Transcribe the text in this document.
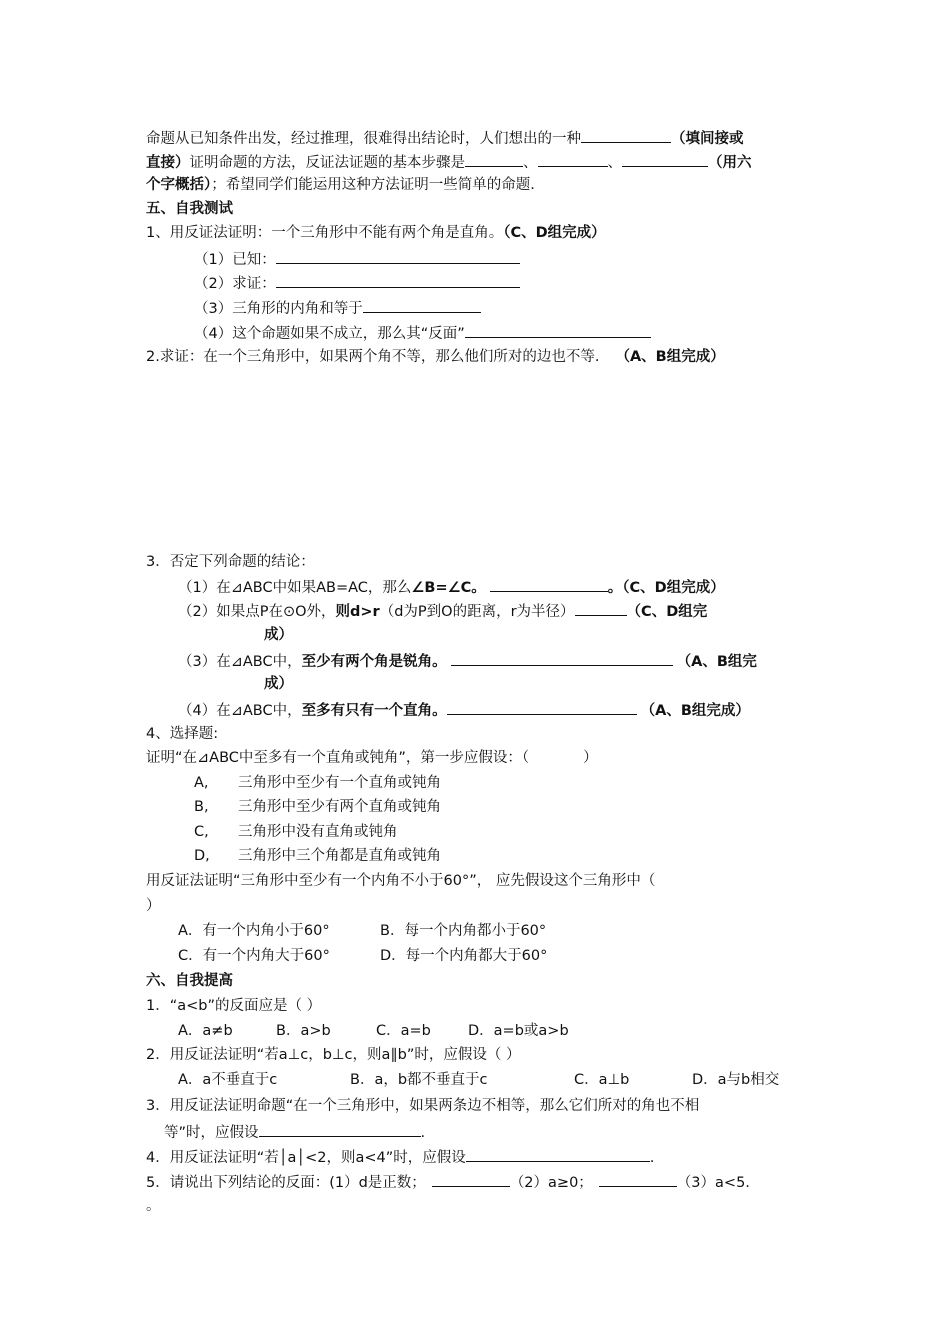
命题从已知条件出发，经过推理，很难得出结论时，人们想出的一种	（填间接或
直接）证明命题的方法，反证法证题的基本步骤是	、	、	（用六
个字概括）；希望同学们能运用这种方法证明一些简单的命题.
五、自我测试
1、用反证法证明：一个三角形中不能有两个角是直角。（C、D组完成）
（1）已知：
（2）求证：
（3）三角形的内角和等于
（4）这个命题如果不成立，那么其“反面”
2.求证：在一个三角形中，如果两个角不等，那么他们所对的边也不等. （A、B组完成）
3．否定下列命题的结论：
（1）在⊿ABC中如果AB=AC，那么∠B=∠C。	。（C、D组完成）
（2）如果点P在⊙O外，则d>r（d为P到O的距离，r为半径）	（C、D组完
成）
（3）在⊿ABC中，至少有两个角是锐角。	（A、B组完
成）
（4）在⊿ABC中，至多有只有一个直角。	（A、B组完成）
4、选择题:
证明“在⊿ABC中至多有一个直角或钝角”，第一步应假设：（	）
A, 三角形中至少有一个直角或钝角
B, 三角形中至少有两个直角或钝角
C, 三角形中没有直角或钝角
D, 三角形中三个角都是直角或钝角
用反证法证明“三角形中至少有一个内角不小于60°”， 应先假设这个三角形中（
）
A．有一个内角小于60°	B．每一个内角都小于60°
C．有一个内角大于60°	D．每一个内角都大于60°
六、自我提高
1．“a<b”的反面应是（ ）
A．a≠b	B．a>b	C．a=b	D．a=b或a>b
2．用反证法证明“若a⊥c，b⊥c，则a∥b”时，应假设（ ）
A．a不垂直于c	B．a，b都不垂直于c	C．a⊥b	D．a与b相交
3．用反证法证明命题“在一个三角形中，如果两条边不相等，那么它们所对的角也不相
等”时，应假设	.
4．用反证法证明“若│a│<2，则a<4”时，应假设	.
5．请说出下列结论的反面：(1）d是正数；	（2）a≥0；	（3）a<5.
。
